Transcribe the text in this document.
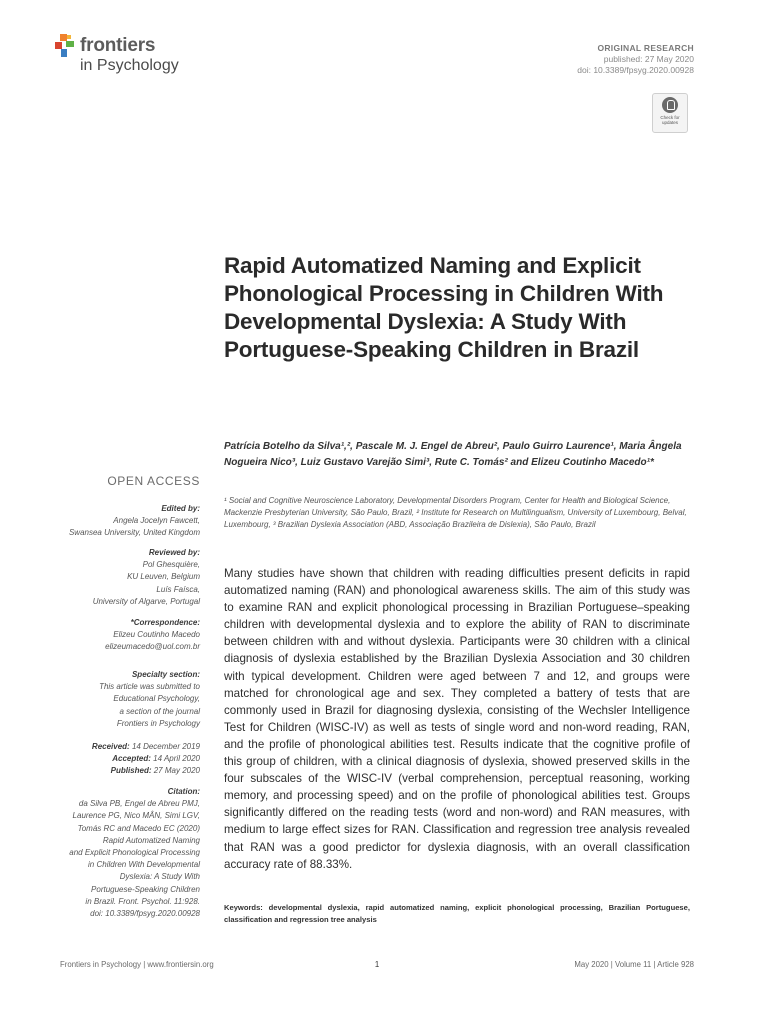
frontiers
in Psychology
ORIGINAL RESEARCH
published: 27 May 2020
doi: 10.3389/fpsyg.2020.00928
Check for
updates
Rapid Automatized Naming and Explicit Phonological Processing in Children With Developmental Dyslexia: A Study With Portuguese-Speaking Children in Brazil
Patrícia Botelho da Silva¹,², Pascale M. J. Engel de Abreu², Paulo Guirro Laurence¹, Maria Ângela Nogueira Nico³, Luiz Gustavo Varejão Simi³, Rute C. Tomás² and Elizeu Coutinho Macedo¹*
¹ Social and Cognitive Neuroscience Laboratory, Developmental Disorders Program, Center for Health and Biological Science, Mackenzie Presbyterian University, São Paulo, Brazil, ² Institute for Research on Multilingualism, University of Luxembourg, Belval, Luxembourg, ³ Brazilian Dyslexia Association (ABD, Associação Brazileira de Dislexia), São Paulo, Brazil
OPEN ACCESS
Edited by:
Angela Jocelyn Fawcett,
Swansea University, United Kingdom
Reviewed by:
Pol Ghesquière,
KU Leuven, Belgium
Luís Faísca,
University of Algarve, Portugal
*Correspondence:
Elizeu Coutinho Macedo
elizeumacedo@uol.com.br
Specialty section:
This article was submitted to
Educational Psychology,
a section of the journal
Frontiers in Psychology
Received: 14 December 2019
Accepted: 14 April 2020
Published: 27 May 2020
Citation:
da Silva PB, Engel de Abreu PMJ,
Laurence PG, Nico MÂN, Simi LGV,
Tomás RC and Macedo EC (2020)
Rapid Automatized Naming
and Explicit Phonological Processing
in Children With Developmental
Dyslexia: A Study With
Portuguese-Speaking Children
in Brazil. Front. Psychol. 11:928.
doi: 10.3389/fpsyg.2020.00928
Many studies have shown that children with reading difficulties present deficits in rapid automatized naming (RAN) and phonological awareness skills. The aim of this study was to examine RAN and explicit phonological processing in Brazilian Portuguese–speaking children with developmental dyslexia and to explore the ability of RAN to discriminate between children with and without dyslexia. Participants were 30 children with a clinical diagnosis of dyslexia established by the Brazilian Dyslexia Association and 30 children with typical development. Children were aged between 7 and 12, and groups were matched for chronological age and sex. They completed a battery of tests that are commonly used in Brazil for diagnosing dyslexia, consisting of the Wechsler Intelligence Test for Children (WISC-IV) as well as tests of single word and non-word reading, RAN, and the profile of phonological abilities test. Results indicate that the cognitive profile of this group of children, with a clinical diagnosis of dyslexia, showed preserved skills in the four subscales of the WISC-IV (verbal comprehension, perceptual reasoning, working memory, and processing speed) and on the profile of phonological abilities test. Groups significantly differed on the reading tests (word and non-word) and RAN measures, with medium to large effect sizes for RAN. Classification and regression tree analysis revealed that RAN was a good predictor for dyslexia diagnosis, with an overall classification accuracy rate of 88.33%.
Keywords: developmental dyslexia, rapid automatized naming, explicit phonological processing, Brazilian Portuguese, classification and regression tree analysis
Frontiers in Psychology | www.frontiersin.org	1	May 2020 | Volume 11 | Article 928
